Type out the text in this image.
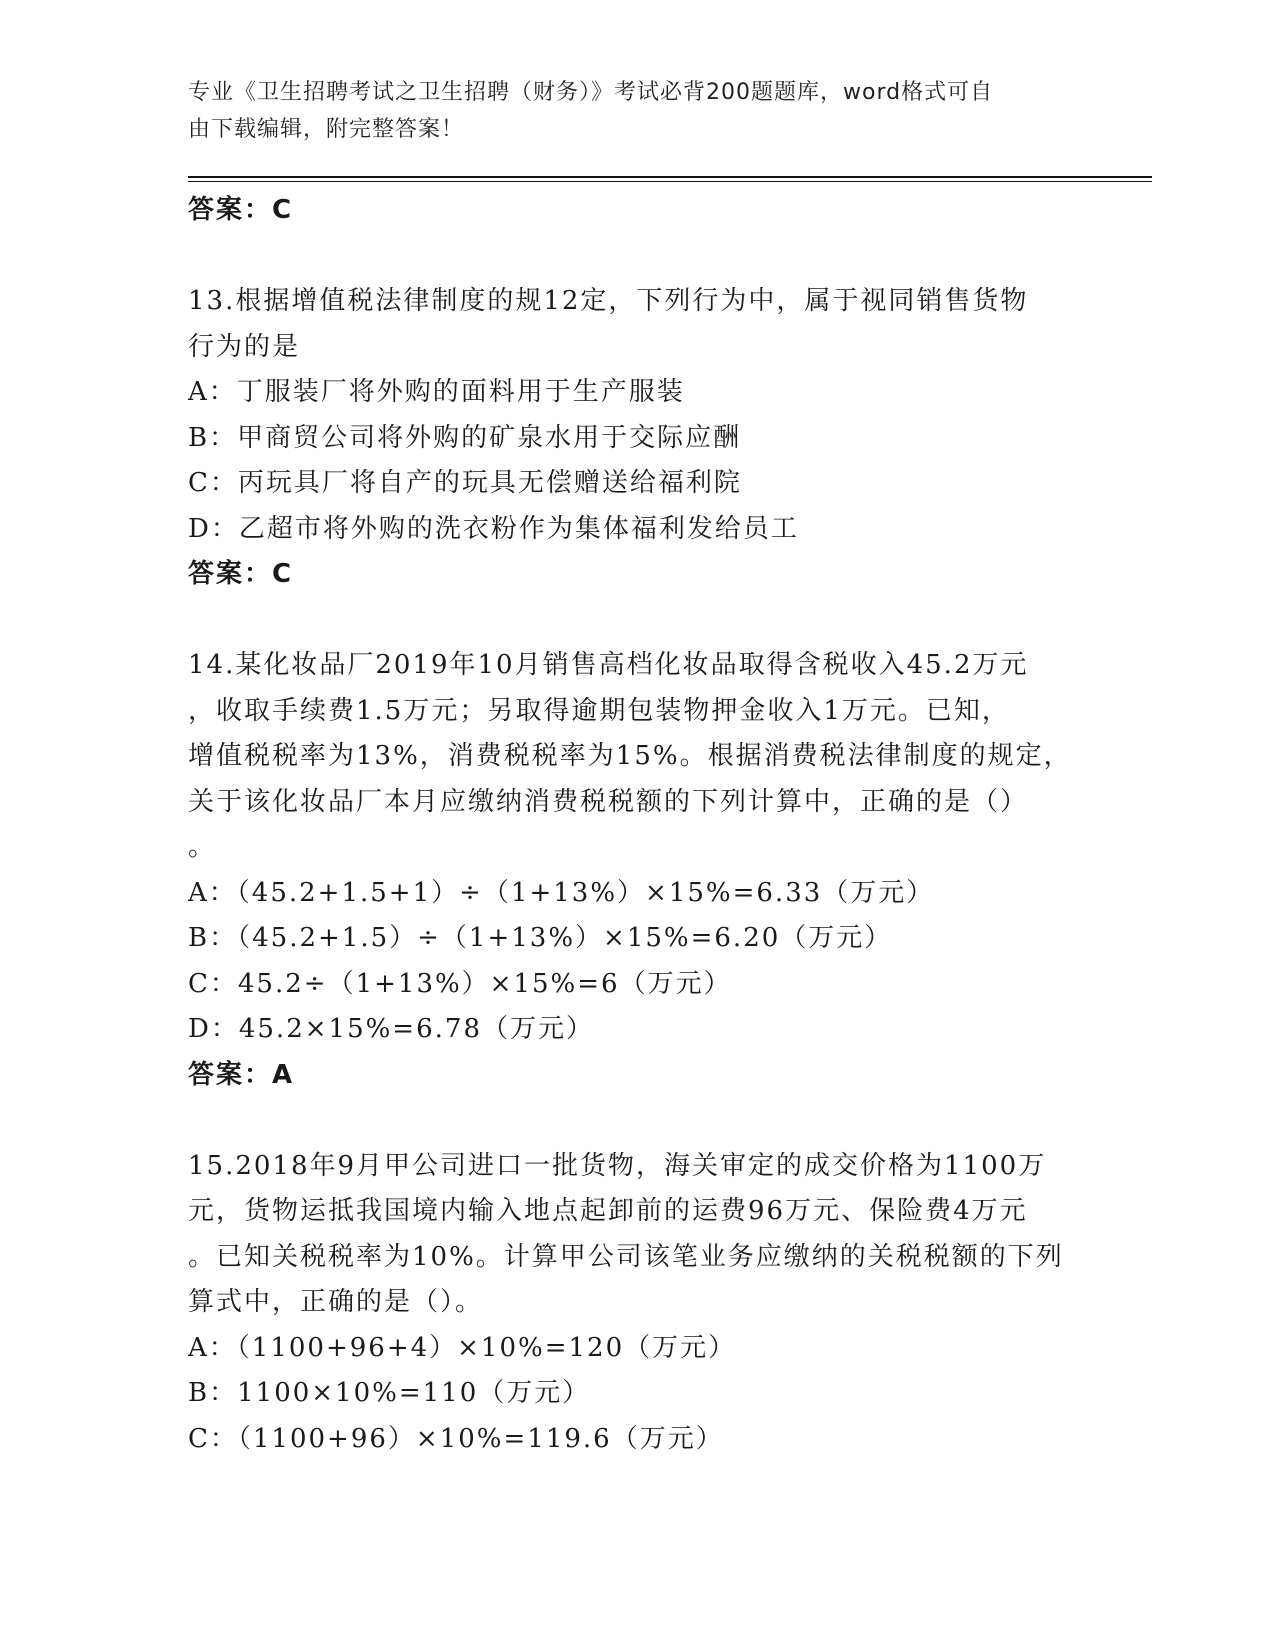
专业《卫生招聘考试之卫生招聘（财务）》考试必背200题题库，word格式可自
由下载编辑，附完整答案！
答案：C
13.根据增值税法律制度的规12定，下列行为中，属于视同销售货物
行为的是
A：丁服装厂将外购的面料用于生产服装
B：甲商贸公司将外购的矿泉水用于交际应酬
C：丙玩具厂将自产的玩具无偿赠送给福利院
D：乙超市将外购的洗衣粉作为集体福利发给员工
答案：C
14.某化妆品厂2019年10月销售高档化妆品取得含税收入45.2万元
，收取手续费1.5万元；另取得逾期包装物押金收入1万元。已知，
增值税税率为13%，消费税税率为15%。根据消费税法律制度的规定，
关于该化妆品厂本月应缴纳消费税税额的下列计算中，正确的是（）
。
A：（45.2+1.5+1）÷（1+13%）×15%=6.33（万元）
B：（45.2+1.5）÷（1+13%）×15%=6.20（万元）
C：45.2÷（1+13%）×15%=6（万元）
D：45.2×15%=6.78（万元）
答案：A
15.2018年9月甲公司进口一批货物，海关审定的成交价格为1100万
元，货物运抵我国境内输入地点起卸前的运费96万元、保险费4万元
。已知关税税率为10%。计算甲公司该笔业务应缴纳的关税税额的下列
算式中，正确的是（）。
A：（1100+96+4）×10%=120（万元）
B：1100×10%=110（万元）
C：（1100+96）×10%=119.6（万元）
